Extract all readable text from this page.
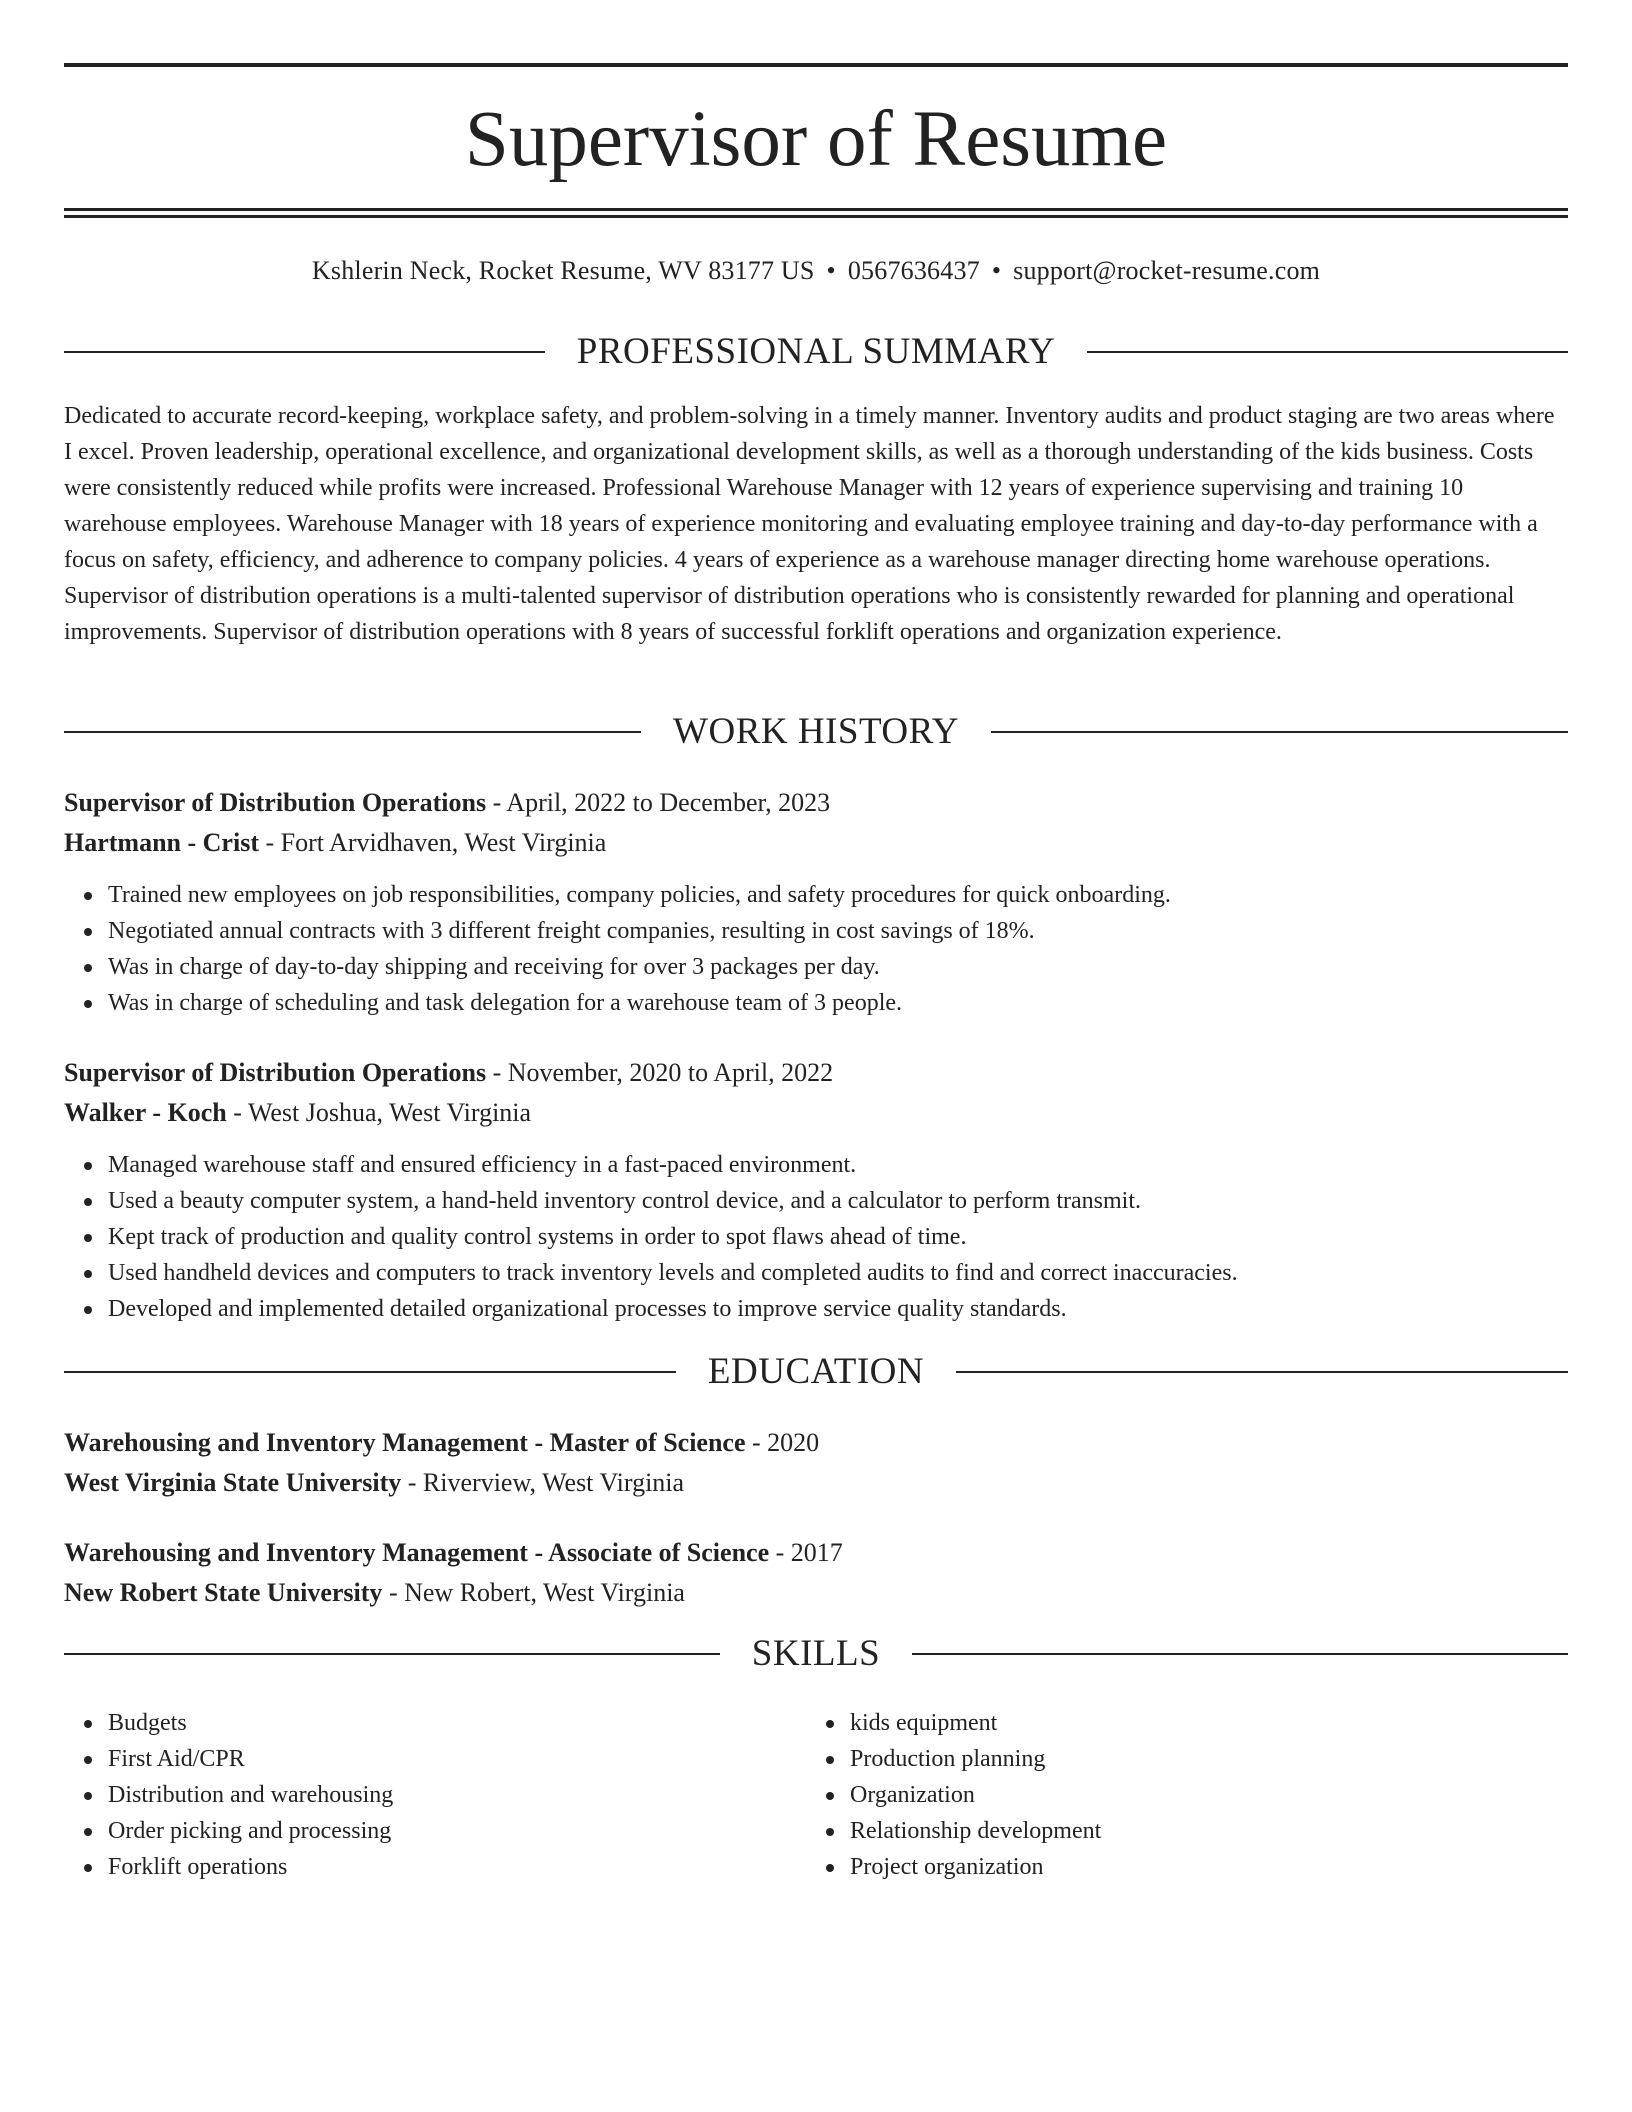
Supervisor of Resume
Kshlerin Neck, Rocket Resume, WV 83177 US • 0567636437 • support@rocket-resume.com
PROFESSIONAL SUMMARY

Dedicated to accurate record-keeping, workplace safety, and problem-solving in a timely manner. Inventory audits and product staging are two areas where I excel. Proven leadership, operational excellence, and organizational development skills, as well as a thorough understanding of the kids business. Costs were consistently reduced while profits were increased. Professional Warehouse Manager with 12 years of experience supervising and training 10 warehouse employees. Warehouse Manager with 18 years of experience monitoring and evaluating employee training and day-to-day performance with a focus on safety, efficiency, and adherence to company policies. 4 years of experience as a warehouse manager directing home warehouse operations. Supervisor of distribution operations is a multi-talented supervisor of distribution operations who is consistently rewarded for planning and operational improvements. Supervisor of distribution operations with 8 years of successful forklift operations and organization experience.

WORK HISTORY
Supervisor of Distribution Operations - April, 2022 to December, 2023
Hartmann - Crist - Fort Arvidhaven, West Virginia
Trained new employees on job responsibilities, company policies, and safety procedures for quick onboarding.
Negotiated annual contracts with 3 different freight companies, resulting in cost savings of 18%.
Was in charge of day-to-day shipping and receiving for over 3 packages per day.
Was in charge of scheduling and task delegation for a warehouse team of 3 people.
Supervisor of Distribution Operations - November, 2020 to April, 2022
Walker - Koch - West Joshua, West Virginia
Managed warehouse staff and ensured efficiency in a fast-paced environment.
Used a beauty computer system, a hand-held inventory control device, and a calculator to perform transmit.
Kept track of production and quality control systems in order to spot flaws ahead of time.
Used handheld devices and computers to track inventory levels and completed audits to find and correct inaccuracies.
Developed and implemented detailed organizational processes to improve service quality standards.
EDUCATION
Warehousing and Inventory Management - Master of Science - 2020
West Virginia State University - Riverview, West Virginia
Warehousing and Inventory Management - Associate of Science - 2017
New Robert State University - New Robert, West Virginia
SKILLS
Budgets
First Aid/CPR
Distribution and warehousing
Order picking and processing
Forklift operations
kids equipment
Production planning
Organization
Relationship development
Project organization
